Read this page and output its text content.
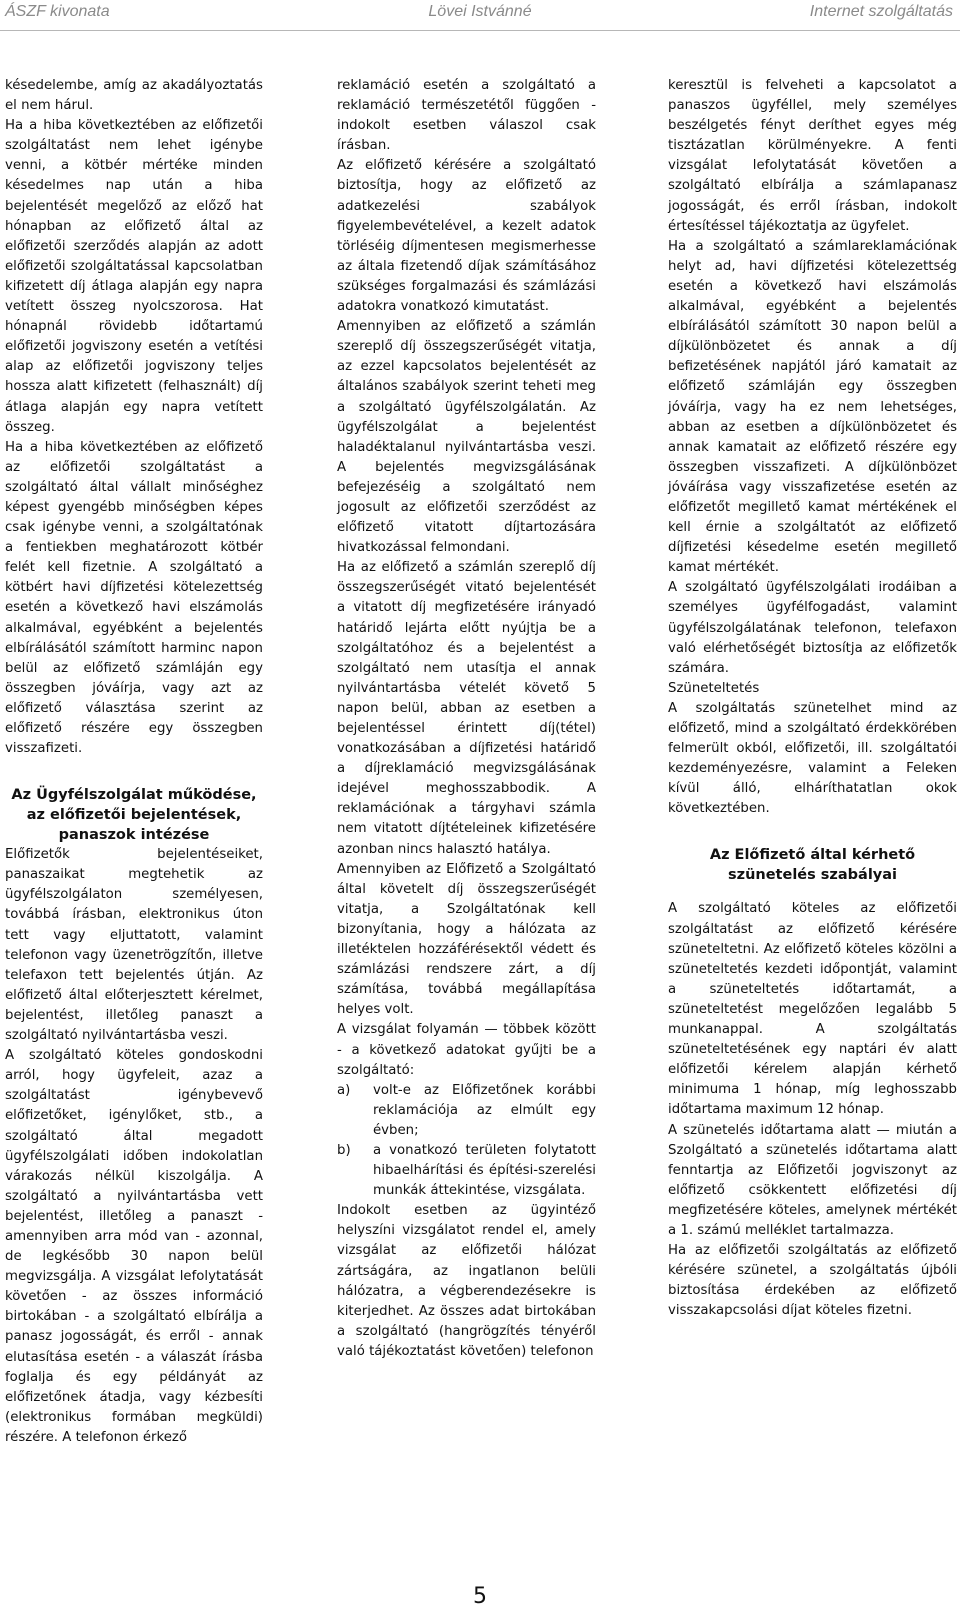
Lövei Istvánné
ÁSZF kivonata	Internet szolgáltatás

késedelembe, amíg az akadályoztatás el nem hárul.

Ha a hiba következtében az előfizetői szolgáltatást nem lehet igénybe venni, a kötbér mértéke minden késedelmes nap után a hiba bejelentését megelőző az előző hat hónapban az előfizető által az előfizetői szerződés alapján az adott előfizetői szolgáltatással kapcsolatban kifizetett díj átlaga alapján egy napra vetített összeg nyolcszorosa. Hat hónapnál rövidebb időtartamú előfizetői jogviszony esetén a vetítési alap az előfizetői jogviszony teljes hossza alatt kifizetett (felhasznált) díj átlaga alapján egy napra vetített összeg.

Ha a hiba következtében az előfizető az előfizetői szolgáltatást a szolgáltató által vállalt minőséghez képest gyengébb minőségben képes csak igénybe venni, a szolgáltatónak a fentiekben meghatározott kötbér felét kell fizetnie. A szolgáltató a kötbért havi díjfizetési kötelezettség esetén a következő havi elszámolás alkalmával, egyébként a bejelentés elbírálásától számított harminc napon belül az előfizető számláján egy összegben jóváírja, vagy azt az előfizető választása szerint az előfizető részére egy összegben visszafizeti.

Az Ügyfélszolgálat működése,
az előfizetői bejelentések,
panaszok intézése

Előfizetők bejelentéseiket, panaszaikat megtehetik az ügyfélszolgálaton személyesen, továbbá írásban, elektronikus úton tett vagy eljuttatott, valamint telefonon vagy üzenetrögzítőn, illetve telefaxon tett bejelentés útján. Az előfizető által előterjesztett kérelmet, bejelentést, illetőleg panaszt a szolgáltató nyilvántartásba veszi.

A szolgáltató köteles gondoskodni arról, hogy ügyfeleit, azaz a szolgáltatást igénybevevő előfizetőket, igénylőket, stb., a szolgáltató által megadott ügyfélszolgálati időben indokolatlan várakozás nélkül kiszolgálja. A szolgáltató a nyilvántartásba vett bejelentést, illetőleg a panaszt - amennyiben arra mód van - azonnal, de legkésőbb 30 napon belül megvizsgálja. A vizsgálat lefolytatását követően - az összes információ birtokában - a szolgáltató elbírálja a panasz jogosságát, és erről - annak elutasítása esetén - a válaszát írásba foglalja és egy példányát az előfizetőnek átadja, vagy kézbesíti (elektronikus formában megküldi) részére. A telefonon érkező

reklamáció esetén a szolgáltató a reklamáció természetétől függően - indokolt esetben válaszol csak írásban.

Az előfizető kérésére a szolgáltató biztosítja, hogy az előfizető az adatkezelési szabályok figyelembevételével, a kezelt adatok törléséig díjmentesen megismerhesse az általa fizetendő díjak számításához szükséges forgalmazási és számlázási adatokra vonatkozó kimutatást.

Amennyiben az előfizető a számlán szereplő díj összegszerűségét vitatja, az ezzel kapcsolatos bejelentését az általános szabályok szerint teheti meg a szolgáltató ügyfélszolgálatán. Az ügyfélszolgálat a bejelentést haladéktalanul nyilvántartásba veszi. A bejelentés megvizsgálásának befejezéséig a szolgáltató nem jogosult az előfizetői szerződést az előfizető vitatott díjtartozására hivatkozással felmondani.

Ha az előfizető a számlán szereplő díj összegszerűségét vitató bejelentését a vitatott díj megfizetésére irányadó határidő lejárta előtt nyújtja be a szolgáltatóhoz és a bejelentést a szolgáltató nem utasítja el annak nyilvántartásba vételét követő 5 napon belül, abban az esetben a bejelentéssel érintett díj(tétel) vonatkozásában a díjfizetési határidő a díjreklamáció megvizsgálásának idejével meghosszabbodik. A reklamációnak a tárgyhavi számla nem vitatott díjtételeinek kifizetésére azonban nincs halasztó hatálya.

Amennyiben az Előfizető a Szolgáltató által követelt díj összegszerűségét vitatja, a Szolgáltatónak kell bizonyítania, hogy a hálózata az illetéktelen hozzáférésektől védett és számlázási rendszere zárt, a díj számítása, továbbá megállapítása helyes volt.

A vizsgálat folyamán — többek között - a következő adatokat gyűjti be a szolgáltató:

a)	volt-e az Előfizetőnek korábbi reklamációja az elmúlt egy évben;
b)	a vonatkozó területen folytatott hibaelhárítási és építési-szerelési munkák áttekintése, vizsgálata.

Indokolt esetben az ügyintéző helyszíni vizsgálatot rendel el, amely vizsgálat az előfizetői hálózat zártságára, az ingatlanon belüli hálózatra, a végberendezésekre is kiterjedhet. Az összes adat birtokában a szolgáltató (hangrögzítés tényéről való tájékoztatást követően) telefonon

keresztül is felveheti a kapcsolatot a panaszos ügyféllel, mely személyes beszélgetés fényt deríthet egyes még tisztázatlan körülményekre. A fenti vizsgálat lefolytatását követően a szolgáltató elbírálja a számlapanasz jogosságát, és erről írásban, indokolt értesítéssel tájékoztatja az ügyfelet.

Ha a szolgáltató a számlareklamációnak helyt ad, havi díjfizetési kötelezettség esetén a következő havi elszámolás alkalmával, egyébként a bejelentés elbírálásától számított 30 napon belül a díjkülönbözetet és annak a díj befizetésének napjától járó kamatait az előfizető számláján egy összegben jóváírja, vagy ha ez nem lehetséges, abban az esetben a díjkülönbözetet és annak kamatait az előfizető részére egy összegben visszafizeti. A díjkülönbözet jóváírása vagy visszafizetése esetén az előfizetőt megillető kamat mértékének el kell érnie a szolgáltatót az előfizető díjfizetési késedelme esetén megillető kamat mértékét.

A szolgáltató ügyfélszolgálati irodáiban a személyes ügyfélfogadást, valamint ügyfélszolgálatának telefonon, telefaxon való elérhetőségét biztosítja az előfizetők számára.

Szüneteltetés

A szolgáltatás szünetelhet mind az előfizető, mind a szolgáltató érdekkörében felmerült okból, előfizetői, ill. szolgáltatói kezdeményezésre, valamint a Feleken kívül álló, elháríthatatlan okok következtében.

Az Előfizető által kérhető
szünetelés szabályai

A szolgáltató köteles az előfizetői szolgáltatást az előfizető kérésére szüneteltetni. Az előfizető köteles közölni a szüneteltetés kezdeti időpontját, valamint a szüneteltetés időtartamát, a szüneteltetést megelőzően legalább 5 munkanappal. A szolgáltatás szüneteltetésének egy naptári év alatt előfizetői kérelem alapján kérhető minimuma 1 hónap, míg leghosszabb időtartama maximum 12 hónap.

A szünetelés időtartama alatt — miután a Szolgáltató a szünetelés időtartama alatt fenntartja az Előfizetői jogviszonyt az előfizető csökkentett előfizetési díj megfizetésére köteles, amelynek mértékét a 1. számú melléklet tartalmazza.

Ha az előfizetői szolgáltatás az előfizető kérésére szünetel, a szolgáltatás újbóli biztosítása érdekében az előfizető visszakapcsolási díjat köteles fizetni.

5
